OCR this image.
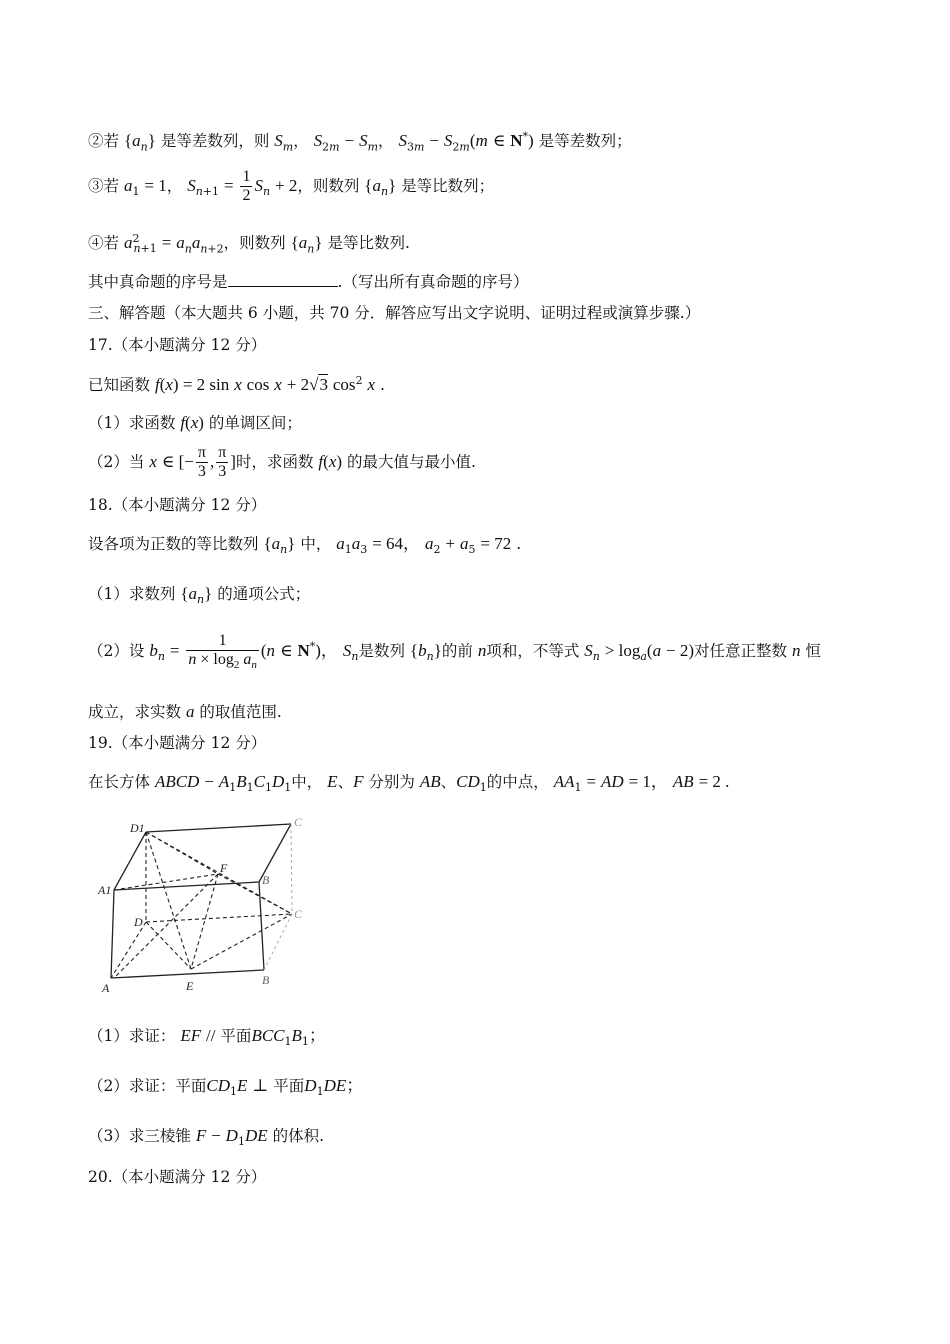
②若 $\{a_n\}$ 是等差数列，则 $S_m$， $S_{2m} - S_m$， $S_{3m} - S_{2m}(m$ ∈ N*) 是等差数列；
③若 $a_1 = 1$， $S_{n+1} = \frac{1}{2} S_n + 2$，则数列 $\{a_n\}$ 是等比数列；
④若 $a^2_{n+1} = a_na_{n+2}$，则数列 $\{a_n\}$ 是等比数列.
其中真命题的序号是	.（写出所有真命题的序号）
三、解答题（本大题共 6 小题，共 70 分．解答应写出文字说明、证明过程或演算步骤.）
17.（本小题满分 12 分）
已知函数 f(x) = 2 sin x cos x + 2√3 $\cos^2 x$ .
（1）求函数 f(x) 的单调区间；
（2）当 x ∈ [− $\frac{\pi}{3}$ , $\frac{\pi}{3}$ ]时，求函数 f(x) 的最大值与最小值.
18.（本小题满分 12 分）
设各项为正数的等比数列 $\{a_n\}$ 中， $a_1a_3 = 64$， $a_2 + a_5 = 72$ .
（1）求数列 $\{a_n\}$ 的通项公式；
（2）设 $b_n = \frac{1}{n \times \log_2 a_n} (n$ ∈ N*)， $S_n$是数列 $\{b_n\}$的前 n项和，不等式 $S_n > \log_a(a - 2)$对任意正整数 n 恒
成立，求实数 a 的取值范围.
19.（本小题满分 12 分）
在长方体 ABCD − $A_1B_1C_1D_1$中， E、F 分别为 AB、$CD_1$的中点， $AA_1$ = AD = 1， AB = 2 .
D1	C
A1
F
B
D
C
A	E	B
（1）求证： EF // 平面$BCC_1B_1$；
（2）求证：平面$CD_1E$ ⊥ 平面$D_1DE$；
（3）求三棱锥 $F - D_1DE$ 的体积.
20.（本小题满分 12 分）
